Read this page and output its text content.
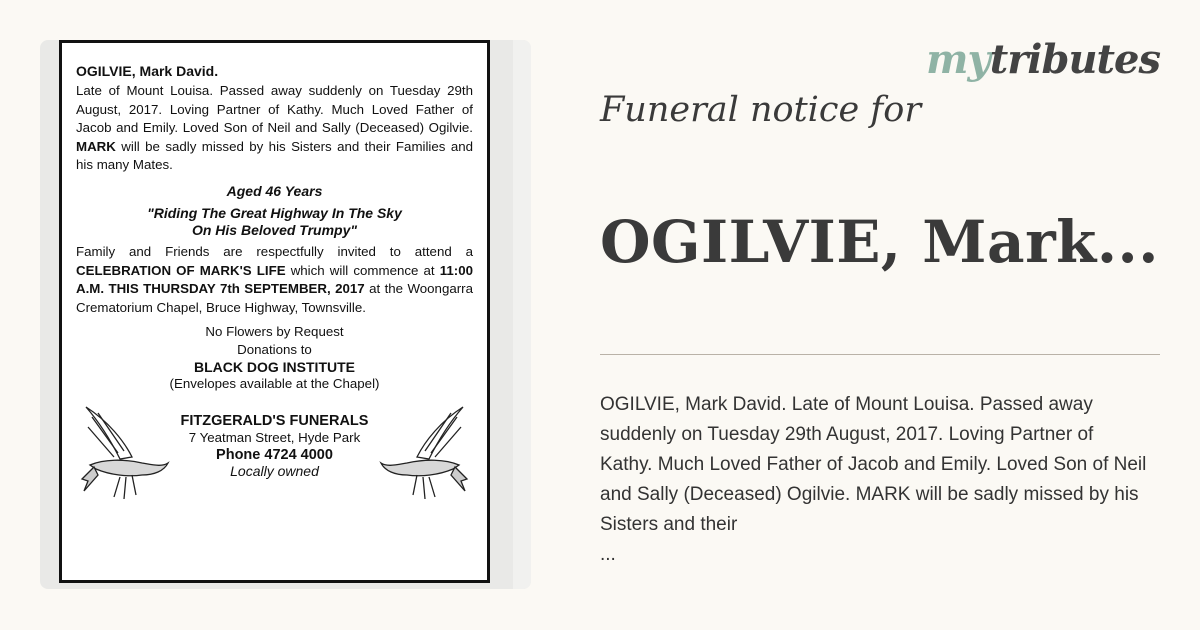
OGILVIE, Mark David.

Late of Mount Louisa. Passed away suddenly on Tuesday 29th August, 2017. Loving Partner of Kathy. Much Loved Father of Jacob and Emily. Loved Son of Neil and Sally (Deceased) Ogilvie. MARK will be sadly missed by his Sisters and their Families and his many Mates.

Aged 46 Years
"Riding The Great Highway In The Sky
On His Beloved Trumpy"

Family and Friends are respectfully invited to attend a CELEBRATION OF MARK'S LIFE which will commence at 11:00 A.M. THIS THURSDAY 7th SEPTEMBER, 2017 at the Woongarra Crematorium Chapel, Bruce Highway, Townsville.

No Flowers by Request
Donations to
BLACK DOG INSTITUTE
(Envelopes available at the Chapel)
FITZGERALD'S FUNERALS
7 Yeatman Street, Hyde Park
Phone 4724 4000
Locally owned
mytributes
Funeral notice for
OGILVIE, Mark...
OGILVIE, Mark David. Late of Mount Louisa. Passed away suddenly on Tuesday 29th August, 2017. Loving Partner of Kathy. Much Loved Father of Jacob and Emily. Loved Son of Neil and Sally (Deceased) Ogilvie. MARK will be sadly missed by his Sisters and their
...
